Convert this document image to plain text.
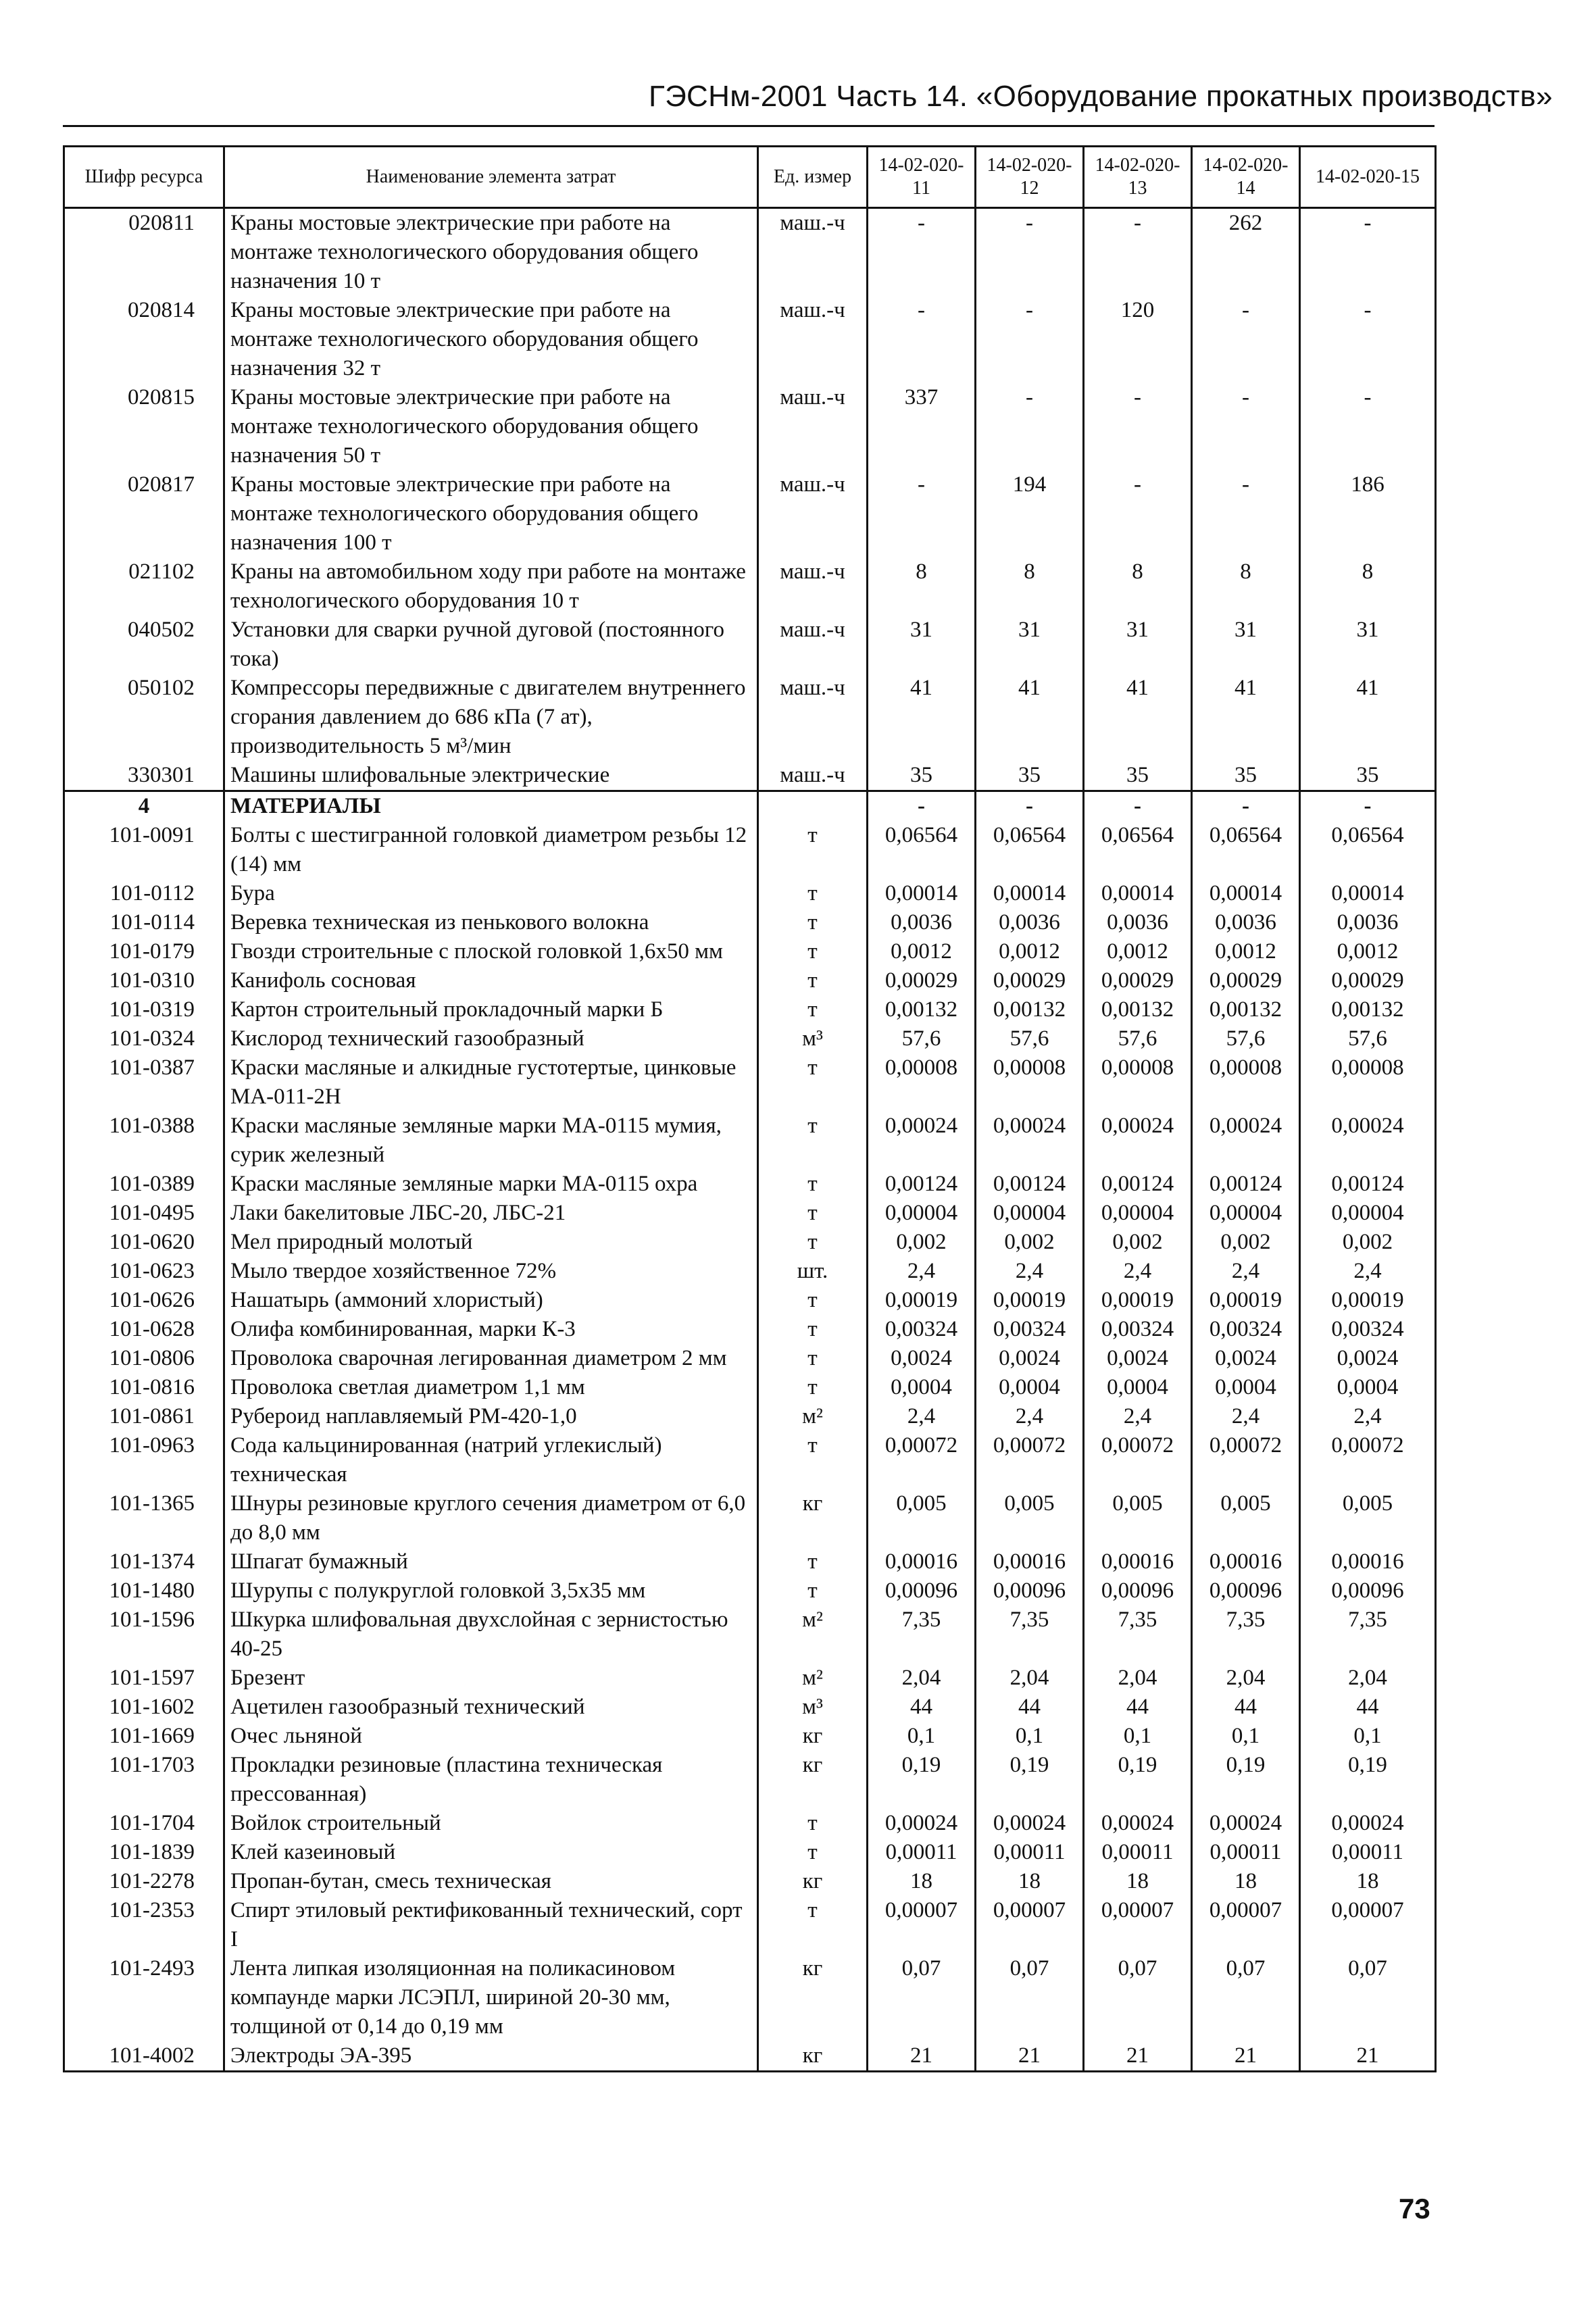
ГЭСНм-2001 Часть 14. «Оборудование прокатных производств»
Шифр ресурса	Наименование элемента затрат	Ед. измер	14-02-020-11	14-02-020-12	14-02-020-13	14-02-020-14	14-02-020-15
020811	Краны мостовые электрические при работе на монтаже технологического оборудования общего назначения 10 т	маш.-ч	-	-	-	262	-
020814	Краны мостовые электрические при работе на монтаже технологического оборудования общего назначения 32 т	маш.-ч	-	-	120	-	-
020815	Краны мостовые электрические при работе на монтаже технологического оборудования общего назначения 50 т	маш.-ч	337	-	-	-	-
020817	Краны мостовые электрические при работе на монтаже технологического оборудования общего назначения 100 т	маш.-ч	-	194	-	-	186
021102	Краны на автомобильном ходу при работе на монтаже технологического оборудования 10 т	маш.-ч	8	8	8	8	8
040502	Установки для сварки ручной дуговой (постоянного тока)	маш.-ч	31	31	31	31	31
050102	Компрессоры передвижные с двигателем внутреннего сгорания давлением до 686 кПа (7 ат), производительность 5 м³/мин	маш.-ч	41	41	41	41	41
330301	Машины шлифовальные электрические	маш.-ч	35	35	35	35	35
4	МАТЕРИАЛЫ		-	-	-	-	-
101-0091	Болты с шестигранной головкой диаметром резьбы 12 (14) мм	т	0,06564	0,06564	0,06564	0,06564	0,06564
101-0112	Бура	т	0,00014	0,00014	0,00014	0,00014	0,00014
101-0114	Веревка техническая из пенькового волокна	т	0,0036	0,0036	0,0036	0,0036	0,0036
101-0179	Гвозди строительные с плоской головкой 1,6х50 мм	т	0,0012	0,0012	0,0012	0,0012	0,0012
101-0310	Канифоль сосновая	т	0,00029	0,00029	0,00029	0,00029	0,00029
101-0319	Картон строительный прокладочный марки Б	т	0,00132	0,00132	0,00132	0,00132	0,00132
101-0324	Кислород технический газообразный	м³	57,6	57,6	57,6	57,6	57,6
101-0387	Краски масляные и алкидные густотертые, цинковые МА-011-2Н	т	0,00008	0,00008	0,00008	0,00008	0,00008
101-0388	Краски масляные земляные марки МА-0115 мумия, сурик железный	т	0,00024	0,00024	0,00024	0,00024	0,00024
101-0389	Краски масляные земляные марки МА-0115 охра	т	0,00124	0,00124	0,00124	0,00124	0,00124
101-0495	Лаки бакелитовые ЛБС-20, ЛБС-21	т	0,00004	0,00004	0,00004	0,00004	0,00004
101-0620	Мел природный молотый	т	0,002	0,002	0,002	0,002	0,002
101-0623	Мыло твердое хозяйственное 72%	шт.	2,4	2,4	2,4	2,4	2,4
101-0626	Нашатырь (аммоний хлористый)	т	0,00019	0,00019	0,00019	0,00019	0,00019
101-0628	Олифа комбинированная, марки К-3	т	0,00324	0,00324	0,00324	0,00324	0,00324
101-0806	Проволока сварочная легированная диаметром 2 мм	т	0,0024	0,0024	0,0024	0,0024	0,0024
101-0816	Проволока светлая диаметром 1,1 мм	т	0,0004	0,0004	0,0004	0,0004	0,0004
101-0861	Рубероид наплавляемый РМ-420-1,0	м²	2,4	2,4	2,4	2,4	2,4
101-0963	Сода кальцинированная (натрий углекислый) техническая	т	0,00072	0,00072	0,00072	0,00072	0,00072
101-1365	Шнуры резиновые круглого сечения диаметром от 6,0 до 8,0 мм	кг	0,005	0,005	0,005	0,005	0,005
101-1374	Шпагат бумажный	т	0,00016	0,00016	0,00016	0,00016	0,00016
101-1480	Шурупы с полукруглой головкой 3,5х35 мм	т	0,00096	0,00096	0,00096	0,00096	0,00096
101-1596	Шкурка шлифовальная двухслойная с зернистостью 40-25	м²	7,35	7,35	7,35	7,35	7,35
101-1597	Брезент	м²	2,04	2,04	2,04	2,04	2,04
101-1602	Ацетилен газообразный технический	м³	44	44	44	44	44
101-1669	Очес льняной	кг	0,1	0,1	0,1	0,1	0,1
101-1703	Прокладки резиновые (пластина техническая прессованная)	кг	0,19	0,19	0,19	0,19	0,19
101-1704	Войлок строительный	т	0,00024	0,00024	0,00024	0,00024	0,00024
101-1839	Клей казеиновый	т	0,00011	0,00011	0,00011	0,00011	0,00011
101-2278	Пропан-бутан, смесь техническая	кг	18	18	18	18	18
101-2353	Спирт этиловый ректификованный технический, сорт I	т	0,00007	0,00007	0,00007	0,00007	0,00007
101-2493	Лента липкая изоляционная на поликасиновом компаунде марки ЛСЭПЛ, шириной 20-30 мм, толщиной от 0,14 до 0,19 мм	кг	0,07	0,07	0,07	0,07	0,07
101-4002	Электроды ЭА-395	кг	21	21	21	21	21
73
